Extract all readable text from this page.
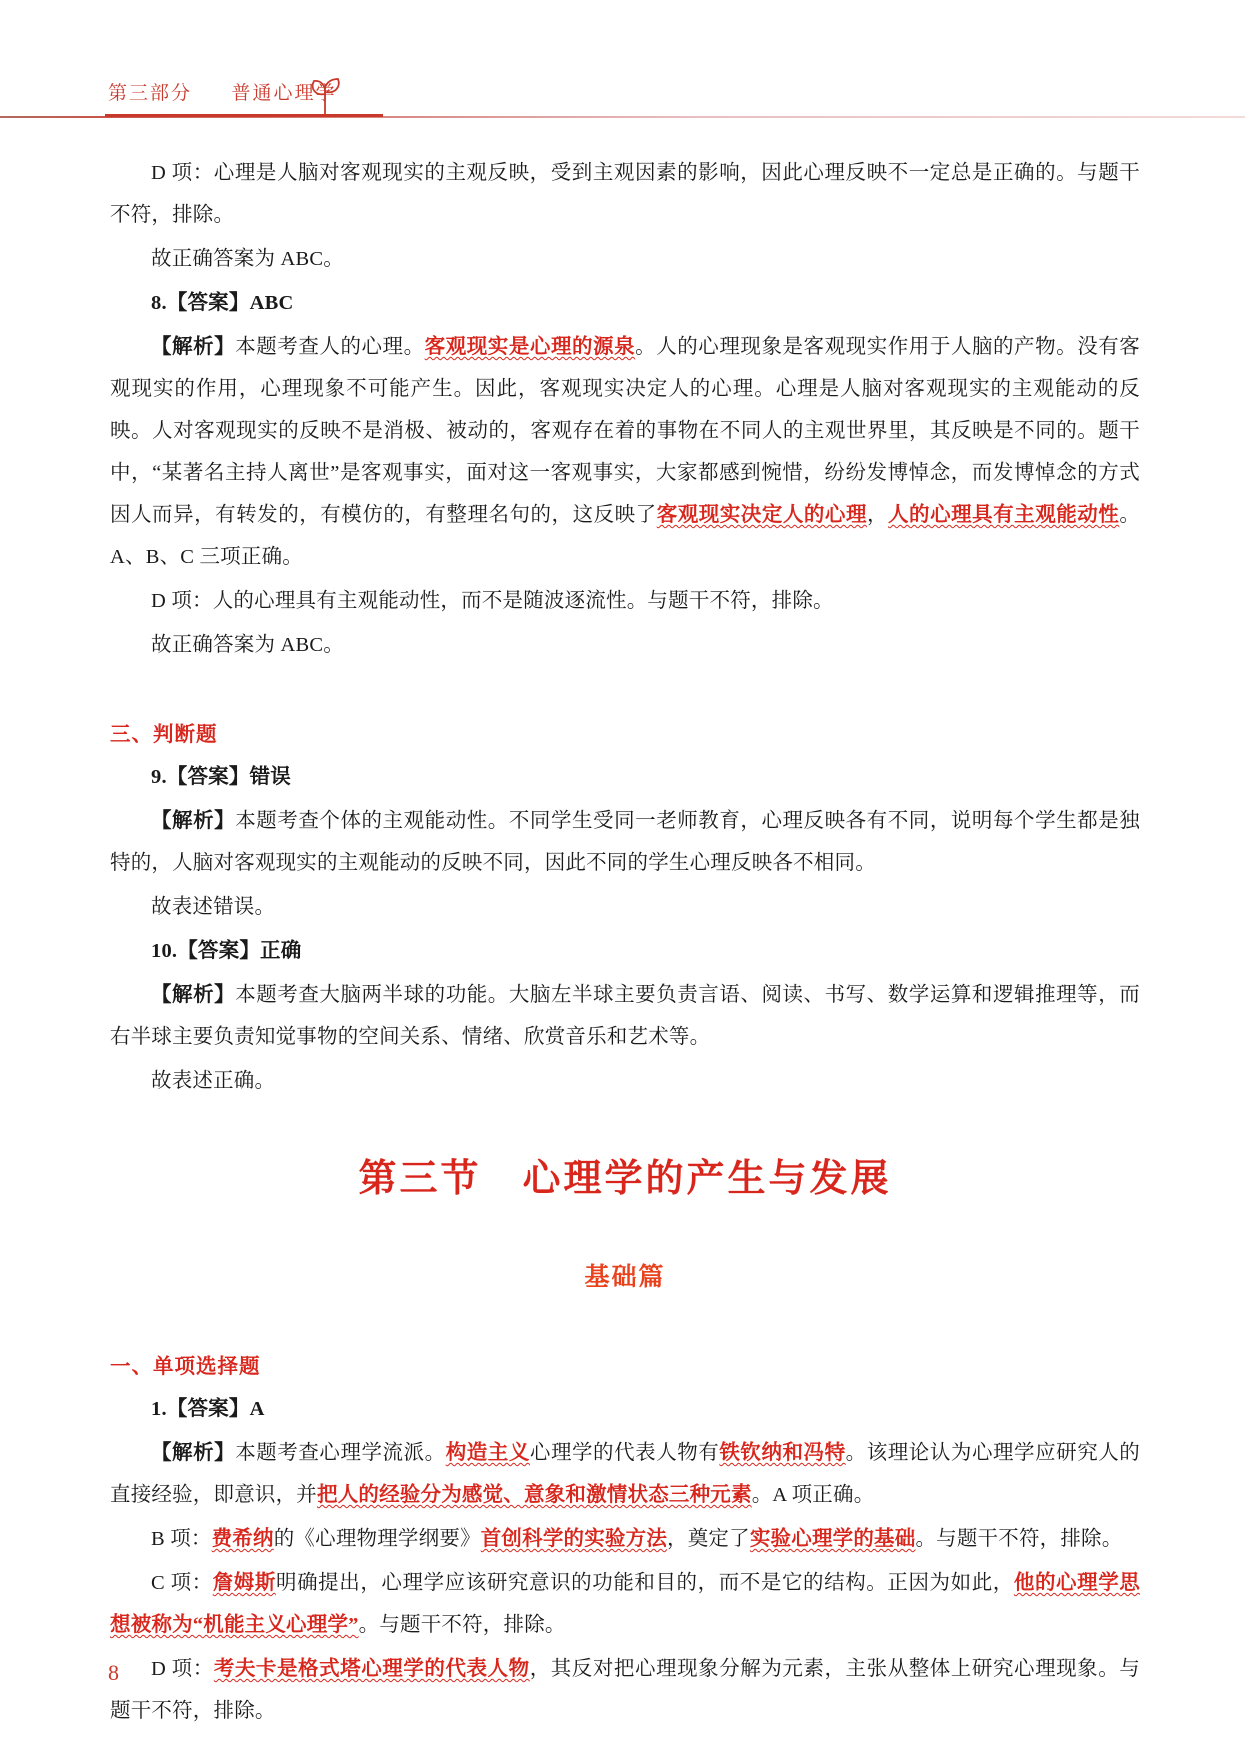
第三部分 普通心理学

D 项：心理是人脑对客观现实的主观反映，受到主观因素的影响，因此心理反映不一定总是正确的。与题干不符，排除。

故正确答案为 ABC。

8.【答案】ABC

【解析】本题考查人的心理。客观现实是心理的源泉。人的心理现象是客观现实作用于人脑的产物。没有客观现实的作用，心理现象不可能产生。因此，客观现实决定人的心理。心理是人脑对客观现实的主观能动的反映。人对客观现实的反映不是消极、被动的，客观存在着的事物在不同人的主观世界里，其反映是不同的。题干中，“某著名主持人离世”是客观事实，面对这一客观事实，大家都感到惋惜，纷纷发博悼念，而发博悼念的方式因人而异，有转发的，有模仿的，有整理名句的，这反映了客观现实决定人的心理，人的心理具有主观能动性。A、B、C 三项正确。

D 项：人的心理具有主观能动性，而不是随波逐流性。与题干不符，排除。

故正确答案为 ABC。

三、判断题

9.【答案】错误

【解析】本题考查个体的主观能动性。不同学生受同一老师教育，心理反映各有不同，说明每个学生都是独特的，人脑对客观现实的主观能动的反映不同，因此不同的学生心理反映各不相同。

故表述错误。

10.【答案】正确

【解析】本题考查大脑两半球的功能。大脑左半球主要负责言语、阅读、书写、数学运算和逻辑推理等，而右半球主要负责知觉事物的空间关系、情绪、欣赏音乐和艺术等。

故表述正确。

第三节　心理学的产生与发展

基础篇

一、单项选择题

1.【答案】A

【解析】本题考查心理学流派。构造主义心理学的代表人物有铁钦纳和冯特。该理论认为心理学应研究人的直接经验，即意识，并把人的经验分为感觉、意象和激情状态三种元素。A 项正确。

B 项：费希纳的《心理物理学纲要》首创科学的实验方法，奠定了实验心理学的基础。与题干不符，排除。

C 项：詹姆斯明确提出，心理学应该研究意识的功能和目的，而不是它的结构。正因为如此，他的心理学思想被称为“机能主义心理学”。与题干不符，排除。

D 项：考夫卡是格式塔心理学的代表人物，其反对把心理现象分解为元素，主张从整体上研究心理现象。与题干不符，排除。

8
